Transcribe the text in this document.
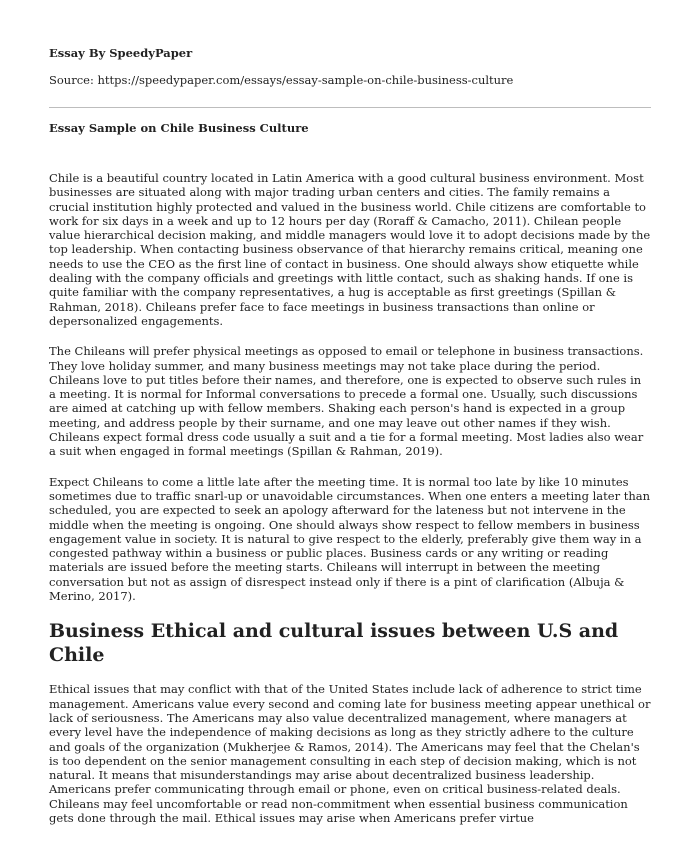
Essay By SpeedyPaper
Source: https://speedypaper.com/essays/essay-sample-on-chile-business-culture
Essay Sample on Chile Business Culture

Chile is a beautiful country located in Latin America with a good cultural business environment. Most businesses are situated along with major trading urban centers and cities. The family remains a crucial institution highly protected and valued in the business world. Chile citizens are comfortable to work for six days in a week and up to 12 hours per day (Roraff & Camacho, 2011). Chilean people value hierarchical decision making, and middle managers would love it to adopt decisions made by the top leadership. When contacting business observance of that hierarchy remains critical, meaning one needs to use the CEO as the first line of contact in business. One should always show etiquette while dealing with the company officials and greetings with little contact, such as shaking hands. If one is quite familiar with the company representatives, a hug is acceptable as first greetings (Spillan & Rahman, 2018). Chileans prefer face to face meetings in business transactions than online or depersonalized engagements.

The Chileans will prefer physical meetings as opposed to email or telephone in business transactions. They love holiday summer, and many business meetings may not take place during the period. Chileans love to put titles before their names, and therefore, one is expected to observe such rules in a meeting. It is normal for Informal conversations to precede a formal one. Usually, such discussions are aimed at catching up with fellow members. Shaking each person's hand is expected in a group meeting, and address people by their surname, and one may leave out other names if they wish. Chileans expect formal dress code usually a suit and a tie for a formal meeting. Most ladies also wear a suit when engaged in formal meetings (Spillan & Rahman, 2019).

Expect Chileans to come a little late after the meeting time. It is normal too late by like 10 minutes sometimes due to traffic snarl-up or unavoidable circumstances. When one enters a meeting later than scheduled, you are expected to seek an apology afterward for the lateness but not intervene in the middle when the meeting is ongoing. One should always show respect to fellow members in business engagement value in society. It is natural to give respect to the elderly, preferably give them way in a congested pathway within a business or public places. Business cards or any writing or reading materials are issued before the meeting starts. Chileans will interrupt in between the meeting conversation but not as assign of disrespect instead only if there is a pint of clarification (Albuja & Merino, 2017).

Business Ethical and cultural issues between U.S and Chile

Ethical issues that may conflict with that of the United States include lack of adherence to strict time management. Americans value every second and coming late for business meeting appear unethical or lack of seriousness. The Americans may also value decentralized management, where managers at every level have the independence of making decisions as long as they strictly adhere to the culture and goals of the organization (Mukherjee & Ramos, 2014). The Americans may feel that the Chelan's is too dependent on the senior management consulting in each step of decision making, which is not natural. It means that misunderstandings may arise about decentralized business leadership. Americans prefer communicating through email or phone, even on critical business-related deals. Chileans may feel uncomfortable or read non-commitment when essential business communication gets done through the mail. Ethical issues may arise when Americans prefer virtue
